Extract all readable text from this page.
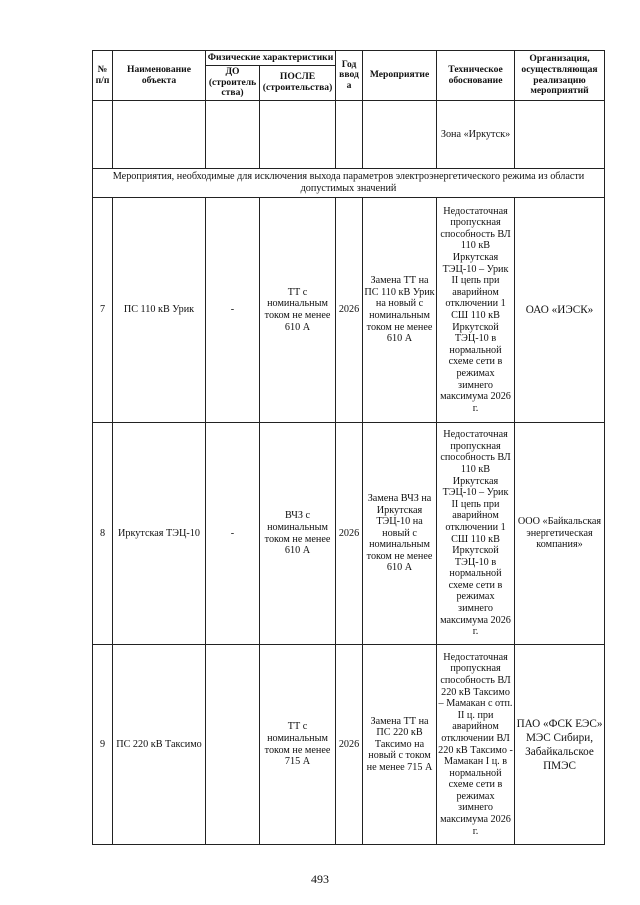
№ п/п	Наименование объекта	Физические характеристики		Год ввода	Мероприятие	Техническое обоснование	Организация, осуществляющая реализацию мероприятий
		ДО (строительства)	ПОСЛЕ (строительства)				
						Зона «Иркутск»	
Мероприятия, необходимые для исключения выхода параметров электроэнергетического режима из области допустимых значений							
7	ПС 110 кВ Урик	-	ТТ с номинальным током не менее 610 А	2026	Замена ТТ на ПС 110 кВ Урик на новый с номинальным током не менее 610 А	Недостаточная пропускная способность ВЛ 110 кВ Иркутская ТЭЦ-10 – Урик II цепь при аварийном отключении 1 СШ 110 кВ Иркутской ТЭЦ-10 в нормальной схеме сети в режимах зимнего максимума 2026 г.	ОАО «ИЭСК»
8	Иркутская ТЭЦ-10	-	ВЧЗ с номинальным током не менее 610 А	2026	Замена ВЧЗ на Иркутская ТЭЦ-10 на новый с номинальным током не менее 610 А	Недостаточная пропускная способность ВЛ 110 кВ Иркутская ТЭЦ-10 – Урик II цепь при аварийном отключении 1 СШ 110 кВ Иркутской ТЭЦ-10 в нормальной схеме сети в режимах зимнего максимума 2026 г.	ООО «Байкальская энергетическая компания»
9	ПС 220 кВ Таксимо		ТТ с номинальным током не менее 715 А	2026	Замена ТТ на ПС 220 кВ Таксимо на новый с током не менее 715 А	Недостаточная пропускная способность ВЛ 220 кВ Таксимо – Мамакан с отп. II ц. при аварийном отключении ВЛ 220 кВ Таксимо - Мамакан I ц. в нормальной схеме сети в режимах зимнего максимума 2026 г.	ПАО «ФСК ЕЭС» МЭС Сибири, Забайкальское ПМЭС
493
